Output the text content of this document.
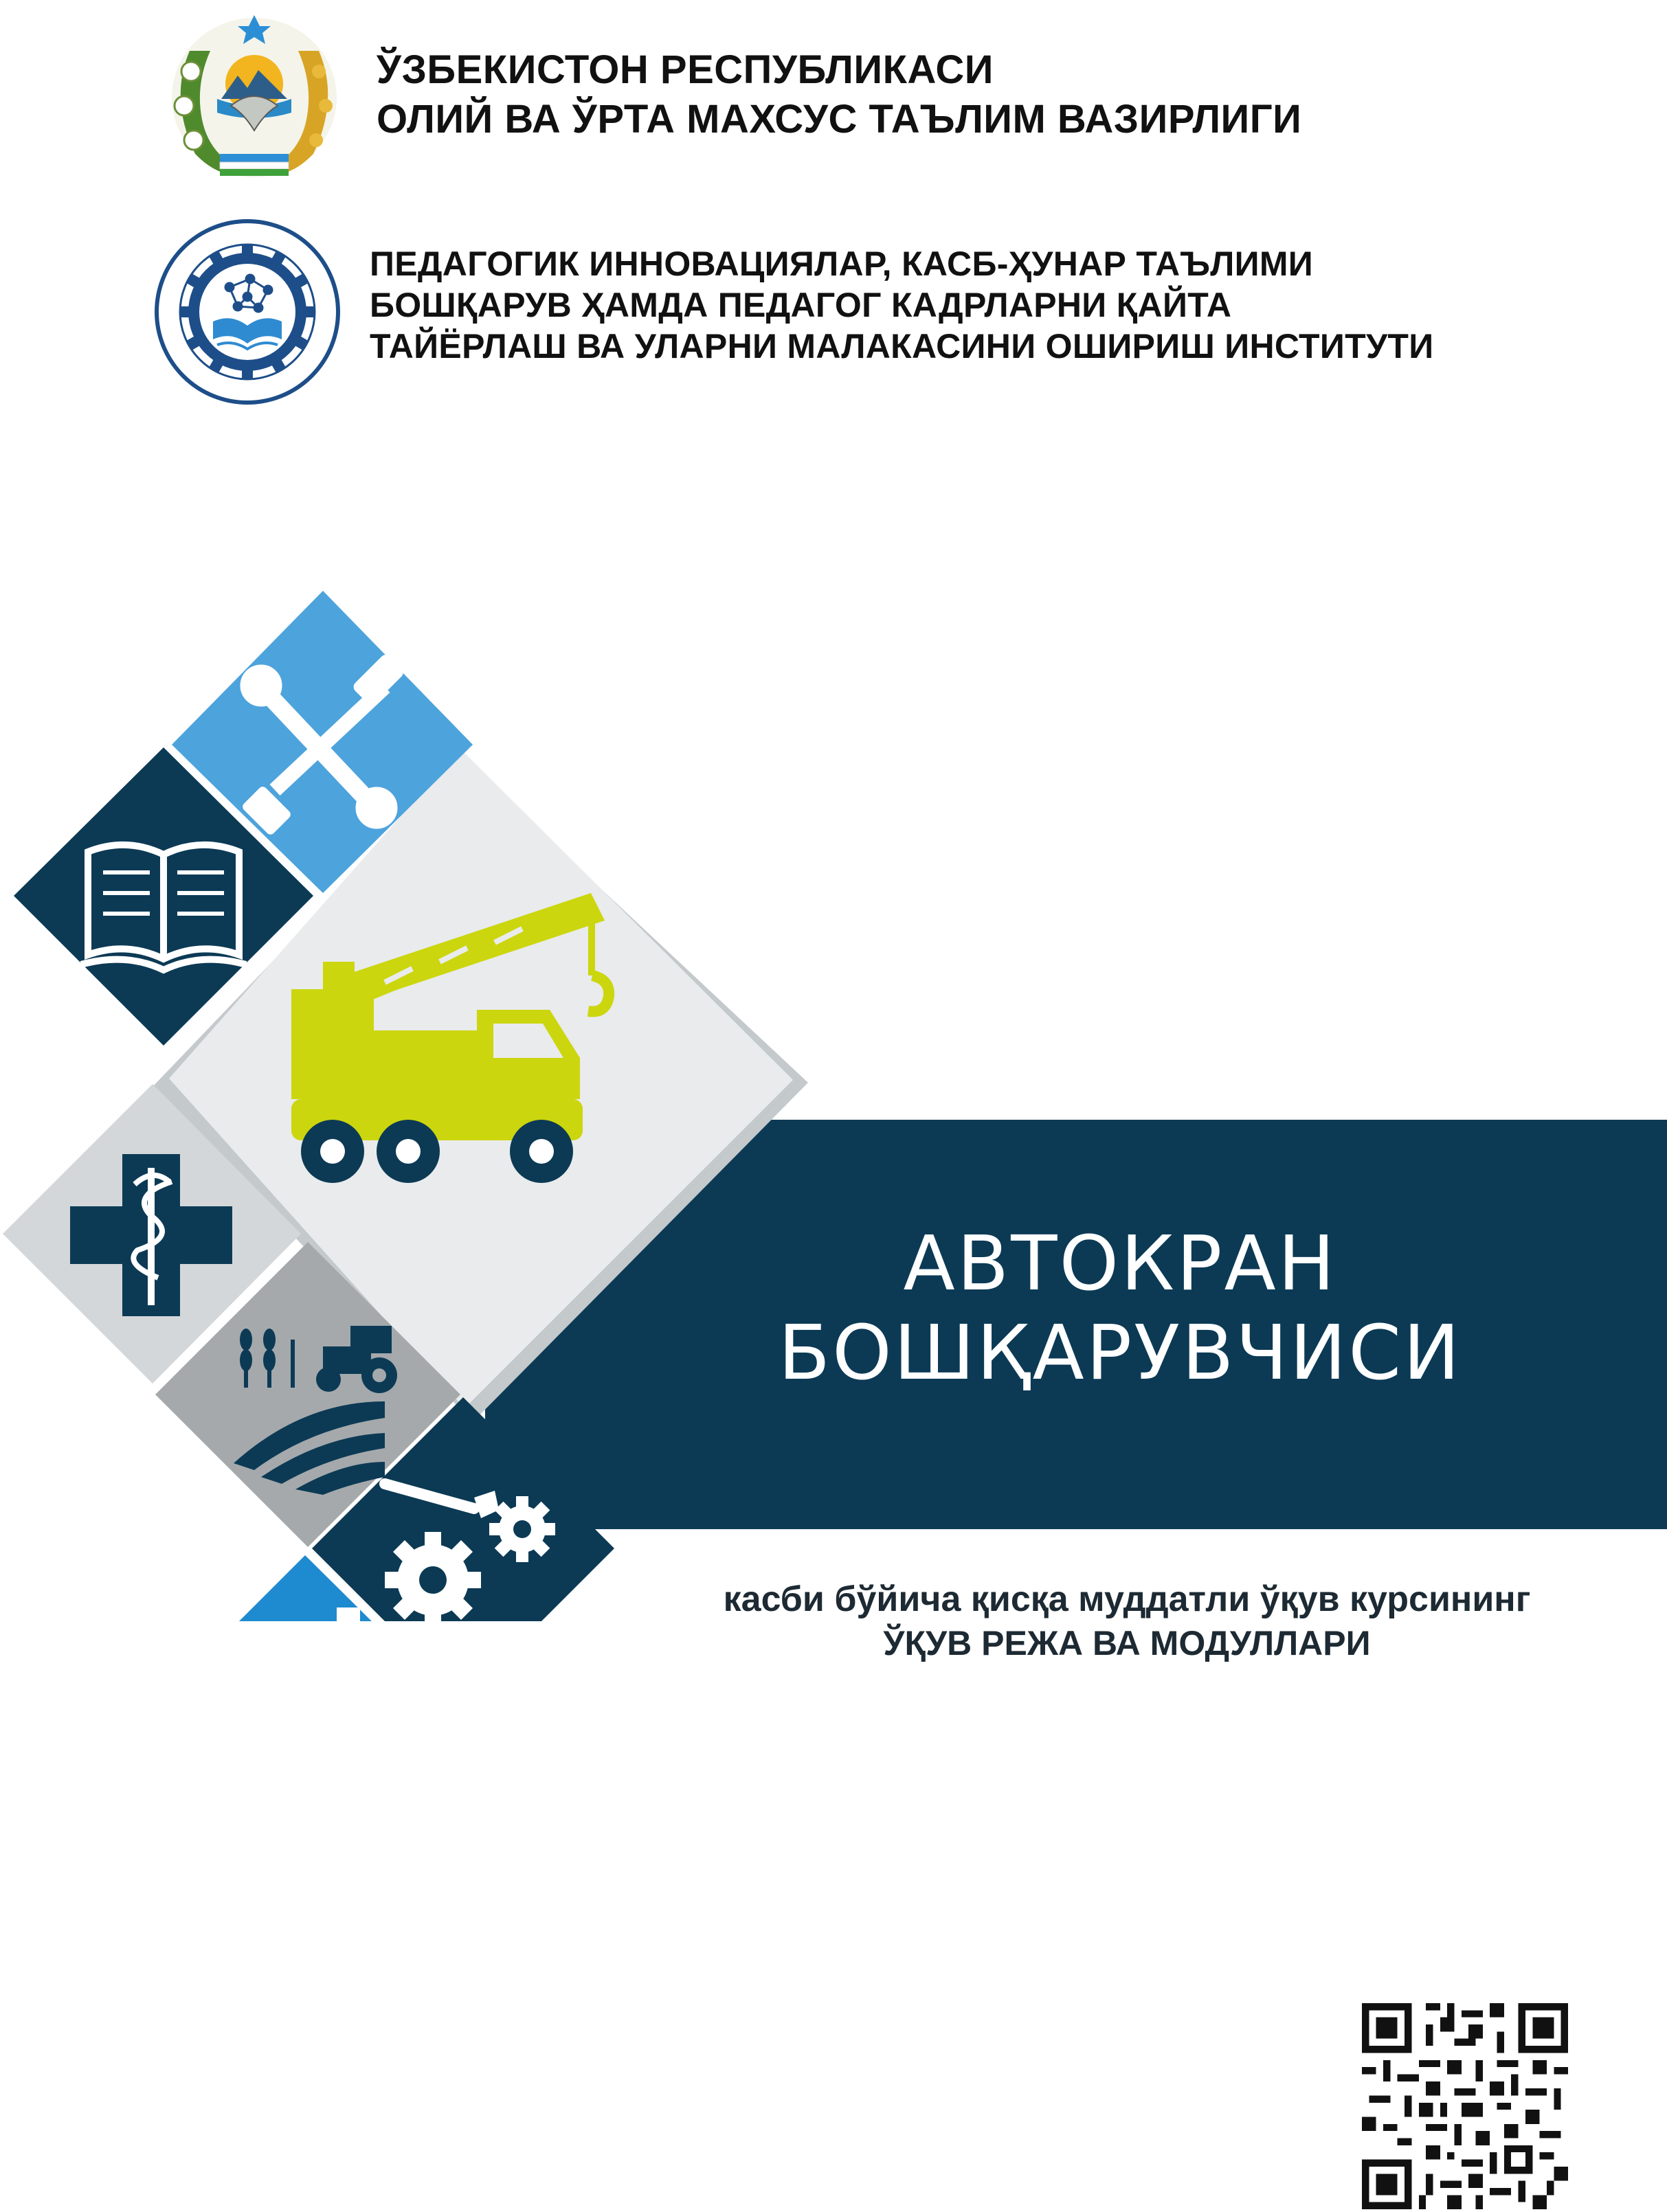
ЎЗБЕКИСТОН РЕСПУБЛИКАСИ
ОЛИЙ ВА ЎРТА МАХСУС ТАЪЛИМ ВАЗИРЛИГИ
ПЕДАГОГИК ИННОВАЦИЯЛАР, КАСБ-ҲУНАР ТАЪЛИМИ
БОШҚАРУВ ҲАМДА ПЕДАГОГ КАДРЛАРНИ ҚАЙТА
ТАЙЁРЛАШ ВА УЛАРНИ МАЛАКАСИНИ ОШИРИШ ИНСТИТУТИ
АВТОКРАН
БОШҚАРУВЧИСИ
касби бўйича қисқа муддатли ўқув курсининг
ЎҚУВ РЕЖА ВА МОДУЛЛАРИ
